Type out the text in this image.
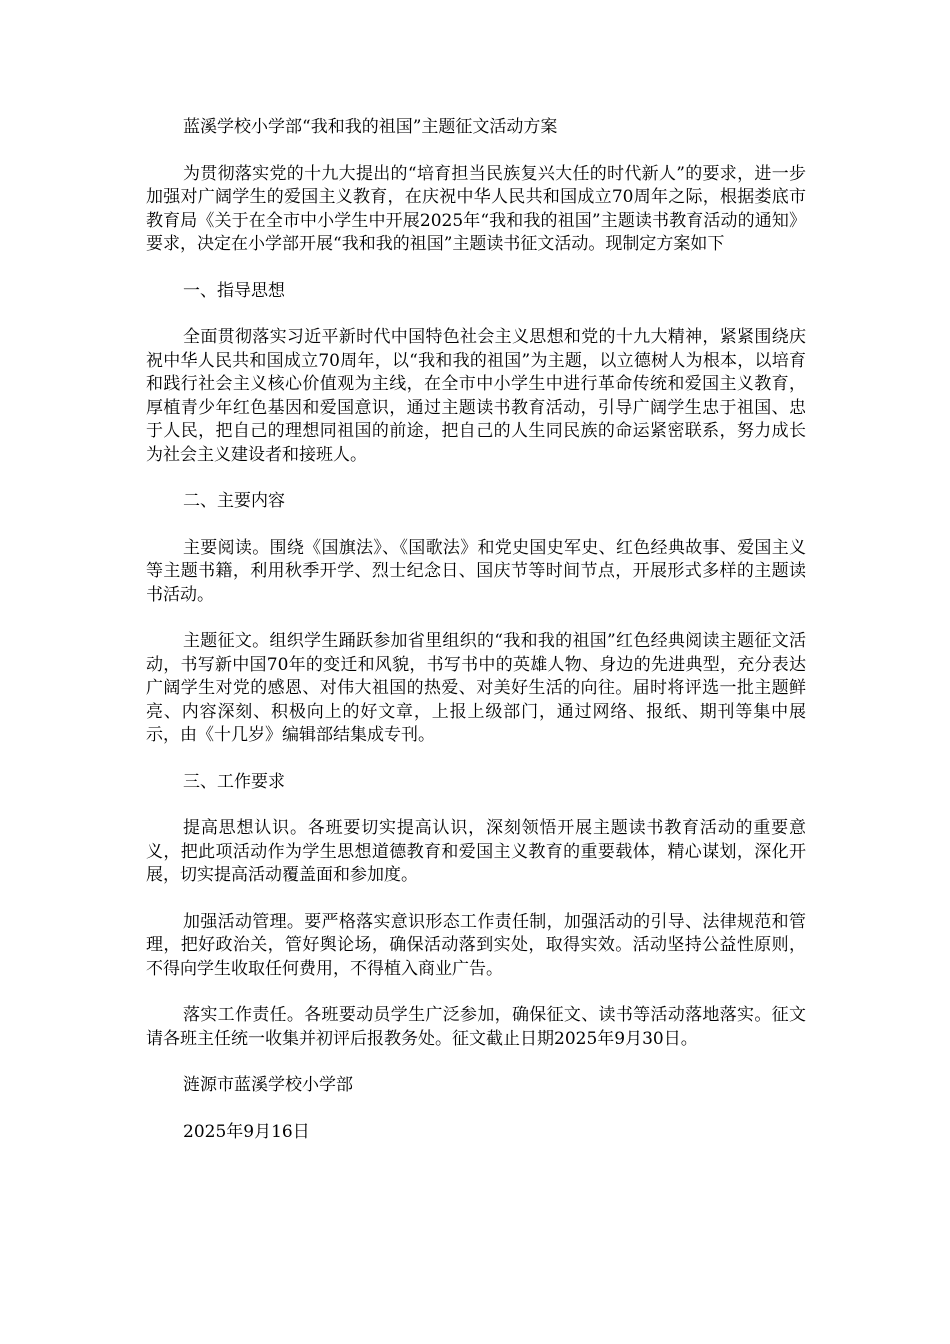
蓝溪学校小学部“我和我的祖国”主题征文活动方案

为贯彻落实党的十九大提出的“培育担当民族复兴大任的时代新人”的要求，进一步加强对广阔学生的爱国主义教育，在庆祝中华人民共和国成立70周年之际，根据娄底市教育局《关于在全市中小学生中开展2025年“我和我的祖国”主题读书教育活动的通知》要求，决定在小学部开展“我和我的祖国”主题读书征文活动。现制定方案如下

一、指导思想

全面贯彻落实习近平新时代中国特色社会主义思想和党的十九大精神，紧紧围绕庆祝中华人民共和国成立70周年，以“我和我的祖国”为主题，以立德树人为根本，以培育和践行社会主义核心价值观为主线，在全市中小学生中进行革命传统和爱国主义教育，厚植青少年红色基因和爱国意识，通过主题读书教育活动，引导广阔学生忠于祖国、忠于人民，把自己的理想同祖国的前途，把自己的人生同民族的命运紧密联系，努力成长为社会主义建设者和接班人。

二、主要内容

主要阅读。围绕《国旗法》、《国歌法》和党史国史军史、红色经典故事、爱国主义等主题书籍，利用秋季开学、烈士纪念日、国庆节等时间节点，开展形式多样的主题读书活动。

主题征文。组织学生踊跃参加省里组织的“我和我的祖国”红色经典阅读主题征文活动，书写新中国70年的变迁和风貌，书写书中的英雄人物、身边的先进典型，充分表达广阔学生对党的感恩、对伟大祖国的热爱、对美好生活的向往。届时将评选一批主题鲜亮、内容深刻、积极向上的好文章，上报上级部门，通过网络、报纸、期刊等集中展示，由《十几岁》编辑部结集成专刊。

三、工作要求

提高思想认识。各班要切实提高认识，深刻领悟开展主题读书教育活动的重要意义，把此项活动作为学生思想道德教育和爱国主义教育的重要载体，精心谋划，深化开展，切实提高活动覆盖面和参加度。

加强活动管理。要严格落实意识形态工作责任制，加强活动的引导、法律规范和管理，把好政治关，管好舆论场，确保活动落到实处，取得实效。活动坚持公益性原则，不得向学生收取任何费用，不得植入商业广告。

落实工作责任。各班要动员学生广泛参加，确保征文、读书等活动落地落实。征文请各班主任统一收集并初评后报教务处。征文截止日期2025年9月30日。

涟源市蓝溪学校小学部

2025年9月16日
